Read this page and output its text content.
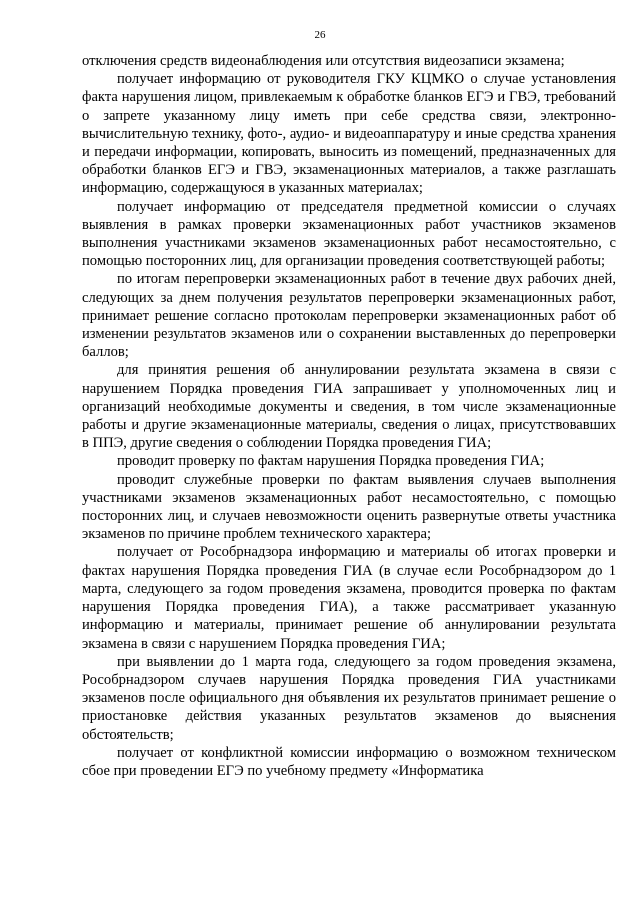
26

отключения средств видеонаблюдения или отсутствия видеозаписи экзамена;

получает информацию от руководителя ГКУ КЦМКО о случае установления факта нарушения лицом, привлекаемым к обработке бланков ЕГЭ и ГВЭ, требований о запрете указанному лицу иметь при себе средства связи, электронно-вычислительную технику, фото-, аудио- и видеоаппаратуру и иные средства хранения и передачи информации, копировать, выносить из помещений, предназначенных для обработки бланков ЕГЭ и ГВЭ, экзаменационных материалов, а также разглашать информацию, содержащуюся в указанных материалах;

получает информацию от председателя предметной комиссии о случаях выявления в рамках проверки экзаменационных работ участников экзаменов выполнения участниками экзаменов экзаменационных работ несамостоятельно, с помощью посторонних лиц, для организации проведения соответствующей работы;

по итогам перепроверки экзаменационных работ в течение двух рабочих дней, следующих за днем получения результатов перепроверки экзаменационных работ, принимает решение согласно протоколам перепроверки экзаменационных работ об изменении результатов экзаменов или о сохранении выставленных до перепроверки баллов;

для принятия решения об аннулировании результата экзамена в связи с нарушением Порядка проведения ГИА запрашивает у уполномоченных лиц и организаций необходимые документы и сведения, в том числе экзаменационные работы и другие экзаменационные материалы, сведения о лицах, присутствовавших в ППЭ, другие сведения о соблюдении Порядка проведения ГИА;

проводит проверку по фактам нарушения Порядка проведения ГИА;

проводит служебные проверки по фактам выявления случаев выполнения участниками экзаменов экзаменационных работ несамостоятельно, с помощью посторонних лиц, и случаев невозможности оценить развернутые ответы участника экзаменов по причине проблем технического характера;

получает от Рособрнадзора информацию и материалы об итогах проверки и фактах нарушения Порядка проведения ГИА (в случае если Рособрнадзором до 1 марта, следующего за годом проведения экзамена, проводится проверка по фактам нарушения Порядка проведения ГИА), а также рассматривает указанную информацию и материалы, принимает решение об аннулировании результата экзамена в связи с нарушением Порядка проведения ГИА;

при выявлении до 1 марта года, следующего за годом проведения экзамена, Рособрнадзором случаев нарушения Порядка проведения ГИА участниками экзаменов после официального дня объявления их результатов принимает решение о приостановке действия указанных результатов экзаменов до выяснения обстоятельств;

получает от конфликтной комиссии информацию о возможном техническом сбое при проведении ЕГЭ по учебному предмету «Информатика
